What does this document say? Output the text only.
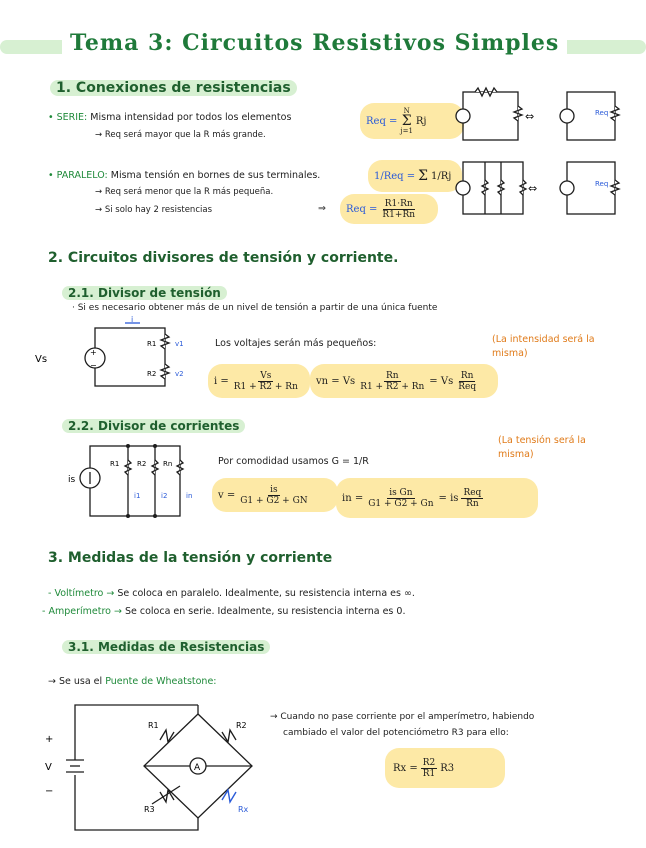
Tema 3: Circuitos Resistivos Simples
1. Conexiones de resistencias
• SERIE: Misma intensidad por todos los elementos
→ Req será mayor que la R más grande.
Req =
N
Σ
j=1
Rj
• PARALELO: Misma tensión en bornes de sus terminales.
→ Req será menor que la R más pequeña.
→ Si solo hay 2 resistencias	⇒
1/Req = Σ 1/Rj
Req = $\frac{R1\cdot Rn}{R1+Rn}$
⇔	Req
⇔	Req
2. Circuitos divisores de tensión y corriente.
2.1. Divisor de tensión
· Si es necesario obtener más de un nivel de tensión a partir de una única fuente
+
−
Vs
i
R1
R2
v1
v2
Los voltajes serán más pequeños:	(La intensidad será la misma)
$i = \frac{Vs}{R1 + R2 + Rn}$ vn = Vs $\frac{Rn}{R1 + R2 + Rn} = Vs \frac{Rn}{\text{Req}}$
2.2. Divisor de corrientes
is
R1	R2 Rn
i1	i2	in
Por comodidad usamos G = 1/R
(La tensión será la misma)
$v = \frac{is}{G1 + G2 + GN}$	in = $\frac{\text{is Gn}}{G1 + G2 + Gn}$ = is $\frac{\text{Req}}{Rn}$
3. Medidas de la tensión y corriente
- Voltímetro → Se coloca en paralelo. Idealmente, su resistencia interna es ∞.
- Amperímetro → Se coloca en serie. Idealmente, su resistencia interna es 0.
3.1. Medidas de Resistencias
→ Se usa el Puente de Wheatstone:
+
V
−
R1	R2
R3	Rx
A
→ Cuando no pase corriente por el amperímetro, habiendo
cambiado el valor del potenciómetro R3 para ello:
$Rx = \frac{R2}{R1} R3$
